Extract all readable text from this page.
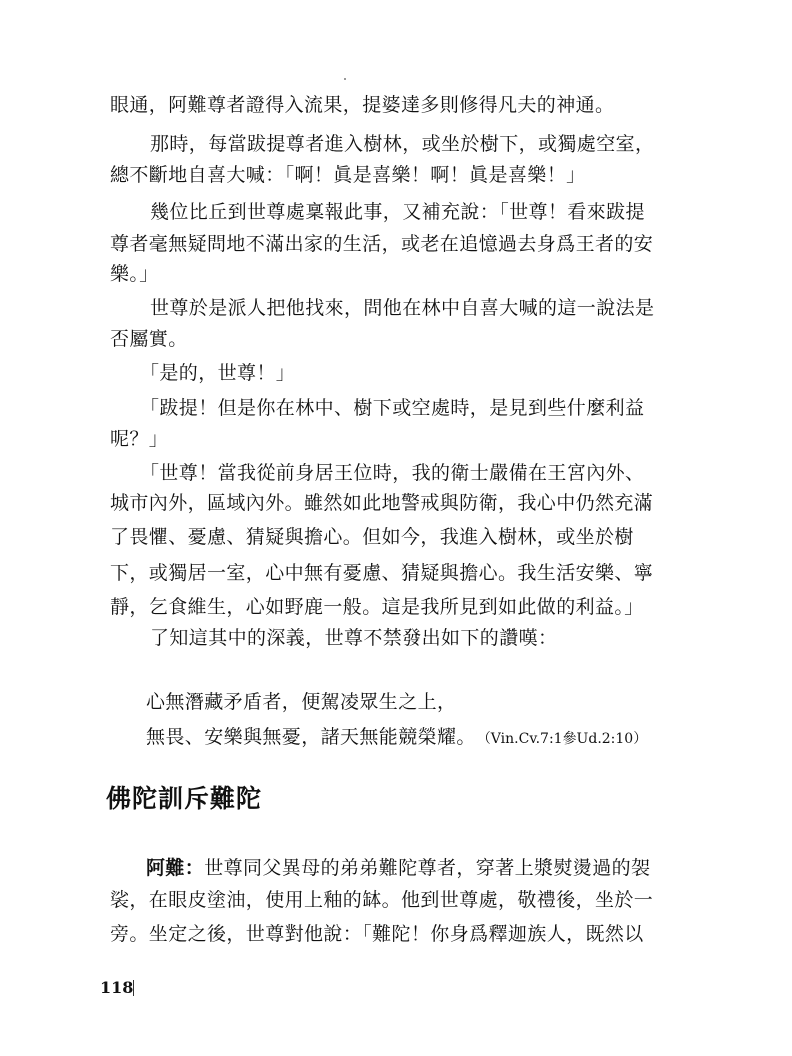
眼通，阿難尊者證得入流果，提婆達多則修得凡夫的神通。
那時，每當跋提尊者進入樹林，或坐於樹下，或獨處空室，
總不斷地自喜大喊：「啊！眞是喜樂！啊！眞是喜樂！」
幾位比丘到世尊處稟報此事，又補充說：「世尊！看來跋提
尊者毫無疑問地不滿出家的生活，或老在追憶過去身爲王者的安
樂。」
世尊於是派人把他找來，問他在林中自喜大喊的這一說法是
否屬實。
「是的，世尊！」
「跋提！但是你在林中、樹下或空處時，是見到些什麼利益
呢？」
「世尊！當我從前身居王位時，我的衛士嚴備在王宮內外、
城市內外，區域內外。雖然如此地警戒與防衛，我心中仍然充滿
了畏懼、憂慮、猜疑與擔心。但如今，我進入樹林，或坐於樹
下，或獨居一室，心中無有憂慮、猜疑與擔心。我生活安樂、寧
靜，乞食維生，心如野鹿一般。這是我所見到如此做的利益。」
了知這其中的深義，世尊不禁發出如下的讚嘆：
心無潛藏矛盾者，便駕凌眾生之上，
無畏、安樂與無憂，諸天無能競榮耀。 （Vin.Cv.7:1參Ud.2:10）
佛陀訓斥難陀
阿難：世尊同父異母的弟弟難陀尊者，穿著上漿熨燙過的袈
裟，在眼皮塗油，使用上釉的缽。他到世尊處，敬禮後，坐於一
旁。坐定之後，世尊對他說：「難陀！你身爲釋迦族人，既然以
118
